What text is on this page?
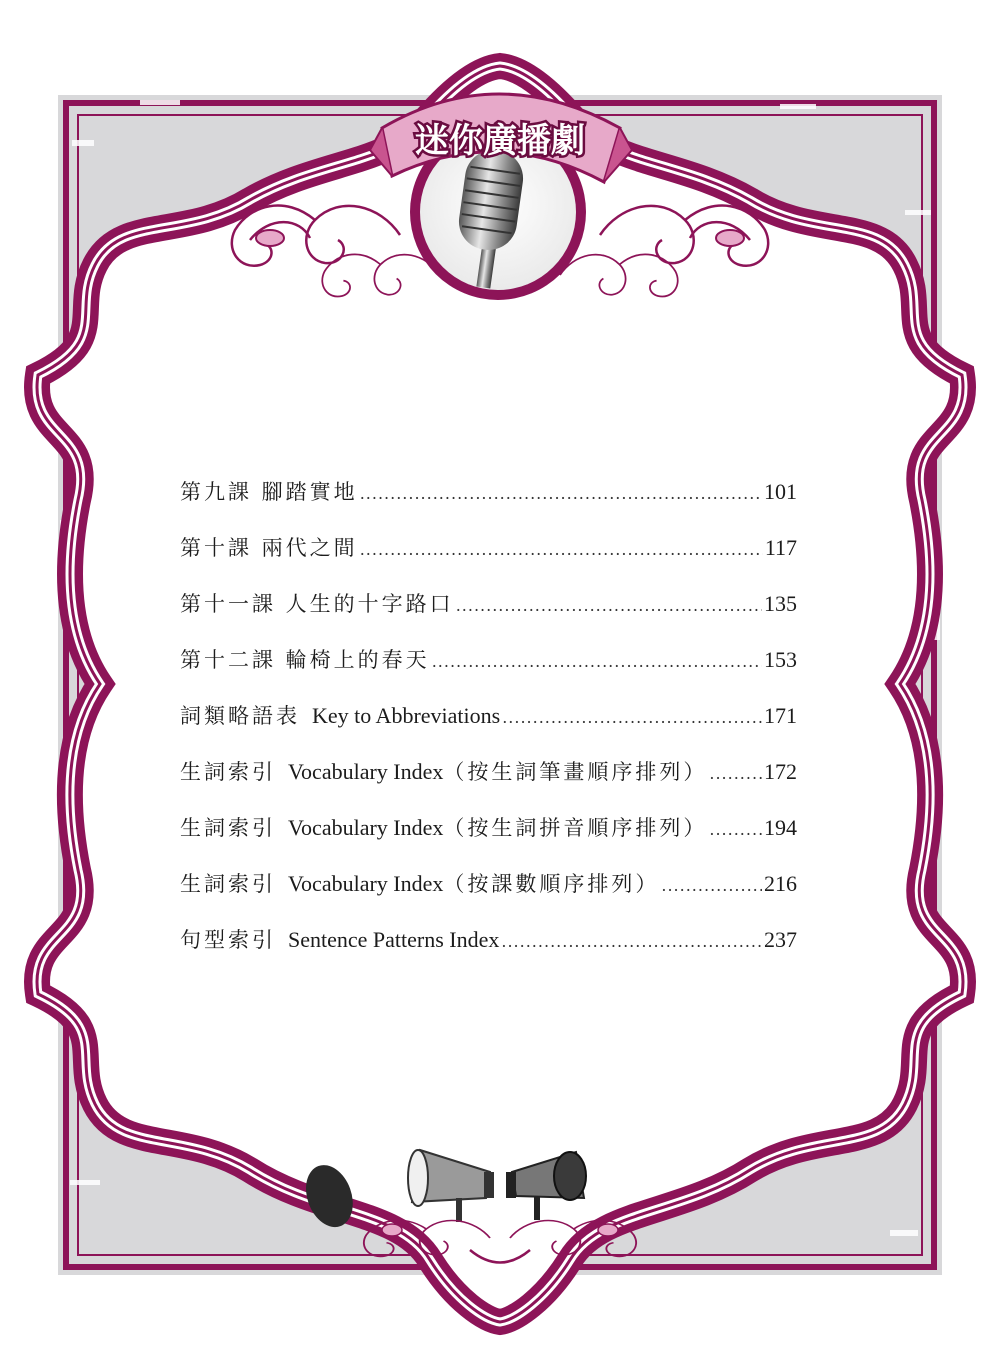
迷你廣播劇
第九課 腳踏實地 .....	101
第十課 兩代之間 .....	117
第十一課 人生的十字路口 .....	135
第十二課 輪椅上的春天 .....	153
詞類略語表 Key to Abbreviations .....	171
生詞索引 Vocabulary Index（按生詞筆畫順序排列） .....	172
生詞索引 Vocabulary Index（按生詞拼音順序排列） .....	194
生詞索引 Vocabulary Index（按課數順序排列） .....	216
句型索引 Sentence Patterns Index .....	237
